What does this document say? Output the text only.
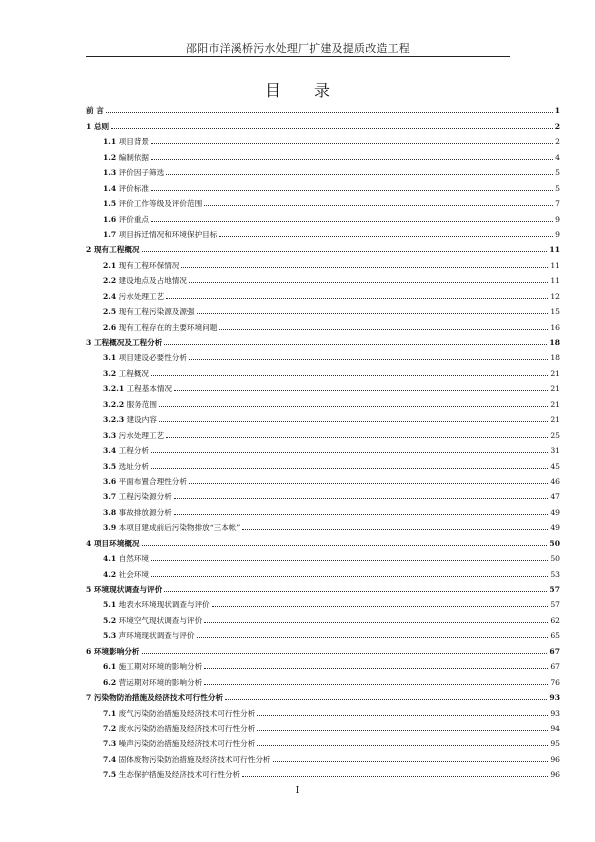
邵阳市洋溪桥污水处理厂扩建及提质改造工程
目 录
前 言	1
1 总则	2
1.1 项目背景	2
1.2 编制依据	4
1.3 评价因子筛选	5
1.4 评价标准	5
1.5 评价工作等级及评价范围	7
1.6 评价重点	9
1.7 项目拆迁情况和环境保护目标	9
2 现有工程概况	11
2.1 现有工程环保情况	11
2.2 建设地点及占地情况	11
2.4 污水处理工艺	12
2.5 现有工程污染源及源强	15
2.6 现有工程存在的主要环境问题	16
3 工程概况及工程分析	18
3.1 项目建设必要性分析	18
3.2 工程概况	21
3.2.1 工程基本情况	21
3.2.2 服务范围	21
3.2.3 建设内容	21
3.3 污水处理工艺	25
3.4 工程分析	31
3.5 选址分析	45
3.6 平面布置合理性分析	46
3.7 工程污染源分析	47
3.8 事故排放源分析	49
3.9 本项目建成前后污染物排放“三本帐”	49
4 项目环境概况	50
4.1 自然环境	50
4.2 社会环境	53
5 环境现状调查与评价	57
5.1 地表水环境现状调查与评价	57
5.2 环境空气现状调查与评价	62
5.3 声环境现状调查与评价	65
6 环境影响分析	67
6.1 施工期对环境的影响分析	67
6.2 营运期对环境的影响分析	76
7 污染物防治措施及经济技术可行性分析	93
7.1 废气污染防治措施及经济技术可行性分析	93
7.2 废水污染防治措施及经济技术可行性分析	94
7.3 噪声污染防治措施及经济技术可行性分析	95
7.4 固体废物污染防治措施及经济技术可行性分析	96
7.5 生态保护措施及经济技术可行性分析	96
I
